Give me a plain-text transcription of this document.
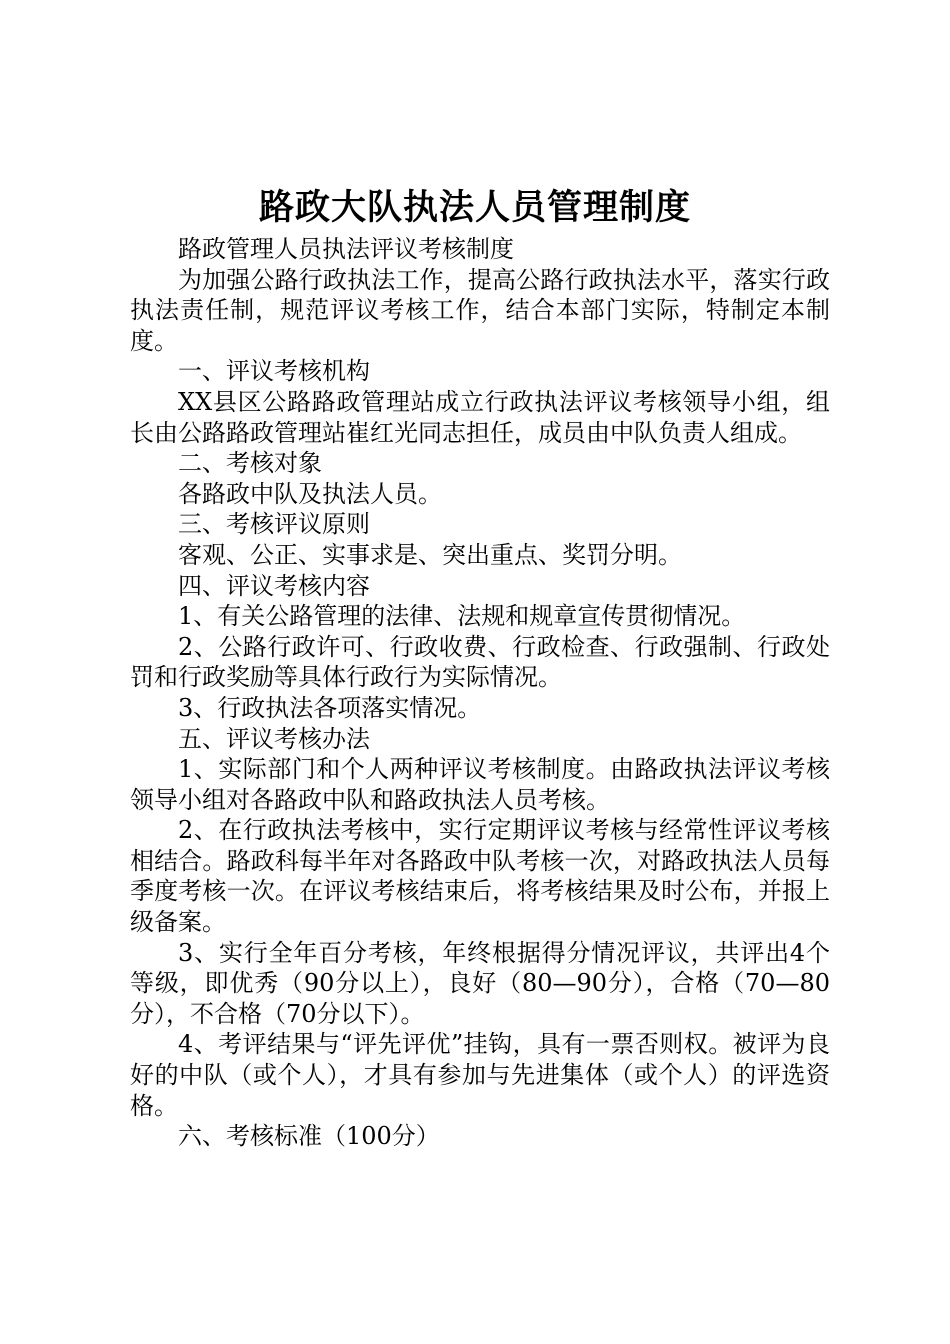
路政大队执法人员管理制度

路政管理人员执法评议考核制度

为加强公路行政执法工作，提高公路行政执法水平，落实行政执法责任制，规范评议考核工作，结合本部门实际，特制定本制度。

一、评议考核机构

XX县区公路路政管理站成立行政执法评议考核领导小组，组长由公路路政管理站崔红光同志担任，成员由中队负责人组成。

二、考核对象

各路政中队及执法人员。

三、考核评议原则

客观、公正、实事求是、突出重点、奖罚分明。

四、评议考核内容

1、有关公路管理的法律、法规和规章宣传贯彻情况。

2、公路行政许可、行政收费、行政检查、行政强制、行政处罚和行政奖励等具体行政行为实际情况。

3、行政执法各项落实情况。

五、评议考核办法

1、实际部门和个人两种评议考核制度。由路政执法评议考核领导小组对各路政中队和路政执法人员考核。

2、在行政执法考核中，实行定期评议考核与经常性评议考核相结合。路政科每半年对各路政中队考核一次，对路政执法人员每季度考核一次。在评议考核结束后，将考核结果及时公布，并报上级备案。

3、实行全年百分考核，年终根据得分情况评议，共评出4个等级，即优秀（90分以上），良好（80—90分），合格（70—80分），不合格（70分以下）。

4、考评结果与“评先评优”挂钩，具有一票否则权。被评为良好的中队（或个人），才具有参加与先进集体（或个人）的评选资格。

六、考核标准（100分）
